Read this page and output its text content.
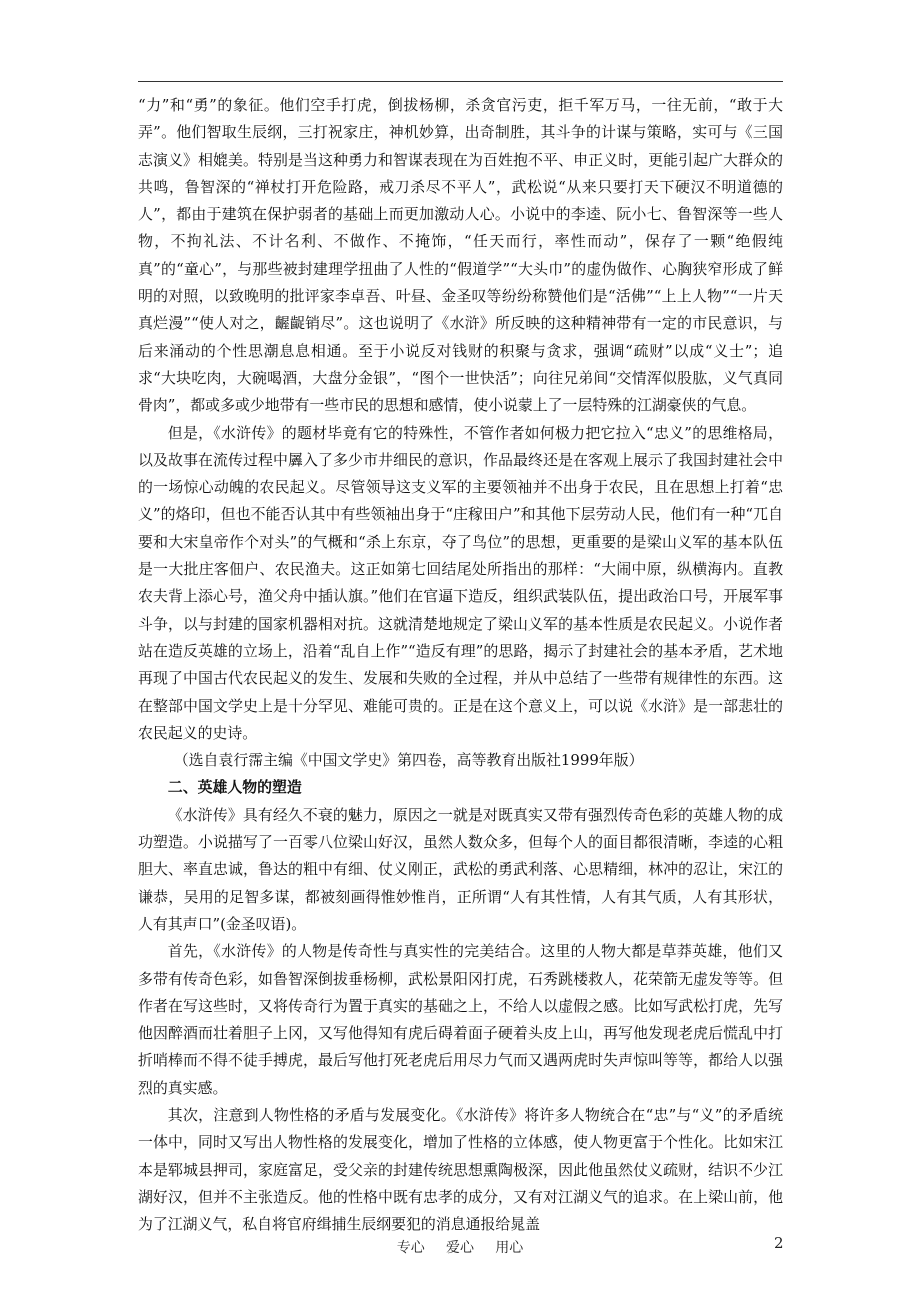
“力”和“勇”的象征。他们空手打虎，倒拔杨柳，杀贪官污吏，拒千军万马，一往无前，“敢于大弄”。他们智取生辰纲，三打祝家庄，神机妙算，出奇制胜，其斗争的计谋与策略，实可与《三国志演义》相媲美。特别是当这种勇力和智谋表现在为百姓抱不平、申正义时，更能引起广大群众的共鸣，鲁智深的“禅杖打开危险路，戒刀杀尽不平人”，武松说“从来只要打天下硬汉不明道德的人”，都由于建筑在保护弱者的基础上而更加激动人心。小说中的李逵、阮小七、鲁智深等一些人物，不拘礼法、不计名利、不做作、不掩饰，“任天而行，率性而动”，保存了一颗“绝假纯真”的“童心”，与那些被封建理学扭曲了人性的“假道学”“大头巾”的虚伪做作、心胸狭窄形成了鲜明的对照，以致晚明的批评家李卓吾、叶昼、金圣叹等纷纷称赞他们是“活佛”“上上人物”“一片天真烂漫”“使人对之，齷齪销尽”。这也说明了《水浒》所反映的这种精神带有一定的市民意识，与后来涌动的个性思潮息息相通。至于小说反对钱财的积聚与贪求，强调“疏财”以成“义士”；追求“大块吃肉，大碗喝酒，大盘分金银”，“图个一世快活”；向往兄弟间“交情浑似股肱，义气真同骨肉”，都或多或少地带有一些市民的思想和感情，使小说蒙上了一层特殊的江湖豪侠的气息。

但是，《水浒传》的题材毕竟有它的特殊性，不管作者如何极力把它拉入“忠义”的思维格局，以及故事在流传过程中羼入了多少市井细民的意识，作品最终还是在客观上展示了我国封建社会中的一场惊心动魄的农民起义。尽管领导这支义军的主要领袖并不出身于农民，且在思想上打着“忠义”的烙印，但也不能否认其中有些领袖出身于“庄稼田户”和其他下层劳动人民，他们有一种“兀自要和大宋皇帝作个对头”的气概和“杀上东京，夺了鸟位”的思想，更重要的是梁山义军的基本队伍是一大批庄客佃户、农民渔夫。这正如第七回结尾处所指出的那样：“大闹中原，纵横海内。直教农夫背上添心号，渔父舟中插认旗。”他们在官逼下造反，组织武装队伍，提出政治口号，开展军事斗争，以与封建的国家机器相对抗。这就清楚地规定了梁山义军的基本性质是农民起义。小说作者站在造反英雄的立场上，沿着“乱自上作”“造反有理”的思路，揭示了封建社会的基本矛盾，艺术地再现了中国古代农民起义的发生、发展和失败的全过程，并从中总结了一些带有规律性的东西。这在整部中国文学史上是十分罕见、难能可贵的。正是在这个意义上，可以说《水浒》是一部悲壮的农民起义的史诗。

（选自袁行霈主编《中国文学史》第四卷，高等教育出版社1999年版）

二、英雄人物的塑造

《水浒传》具有经久不衰的魅力，原因之一就是对既真实又带有强烈传奇色彩的英雄人物的成功塑造。小说描写了一百零八位梁山好汉，虽然人数众多，但每个人的面目都很清晰，李逵的心粗胆大、率直忠诚，鲁达的粗中有细、仗义刚正，武松的勇武利落、心思精细，林冲的忍让，宋江的谦恭，吴用的足智多谋，都被刻画得惟妙惟肖，正所谓“人有其性情，人有其气质，人有其形状，人有其声口”(金圣叹语)。

首先，《水浒传》的人物是传奇性与真实性的完美结合。这里的人物大都是草莽英雄，他们又多带有传奇色彩，如鲁智深倒拔垂杨柳，武松景阳冈打虎，石秀跳楼救人，花荣箭无虚发等等。但作者在写这些时，又将传奇行为置于真实的基础之上，不给人以虚假之感。比如写武松打虎，先写他因醉酒而壮着胆子上冈，又写他得知有虎后碍着面子硬着头皮上山，再写他发现老虎后慌乱中打折哨棒而不得不徒手搏虎，最后写他打死老虎后用尽力气而又遇两虎时失声惊叫等等，都给人以强烈的真实感。

其次，注意到人物性格的矛盾与发展变化。《水浒传》将许多人物统合在“忠”与“义”的矛盾统一体中，同时又写出人物性格的发展变化，增加了性格的立体感，使人物更富于个性化。比如宋江本是郓城县押司，家庭富足，受父亲的封建传统思想熏陶极深，因此他虽然仗义疏财，结识不少江湖好汉，但并不主张造反。他的性格中既有忠孝的成分，又有对江湖义气的追求。在上梁山前，他为了江湖义气，私自将官府缉捕生辰纲要犯的消息通报给晁盖

专心 爱心 用心	2
